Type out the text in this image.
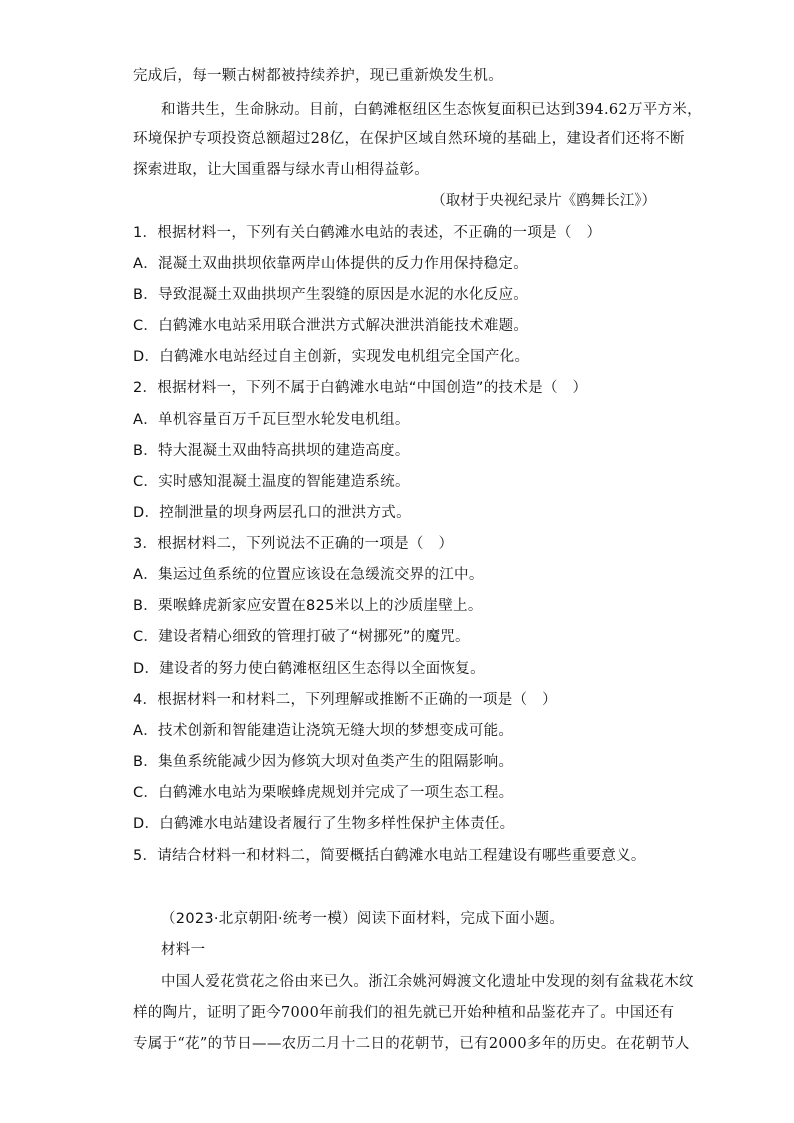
完成后，每一颗古树都被持续养护，现已重新焕发生机。
和谐共生，生命脉动。目前，白鹤滩枢纽区生态恢复面积已达到394.62万平方米，
环境保护专项投资总额超过28亿，在保护区域自然环境的基础上，建设者们还将不断
探索进取，让大国重器与绿水青山相得益彰。
（取材于央视纪录片《鸥舞长江》）
1．根据材料一，下列有关白鹤滩水电站的表述，不正确的一项是（　）
A．混凝土双曲拱坝依靠两岸山体提供的反力作用保持稳定。
B．导致混凝土双曲拱坝产生裂缝的原因是水泥的水化反应。
C．白鹤滩水电站采用联合泄洪方式解决泄洪消能技术难题。
D．白鹤滩水电站经过自主创新，实现发电机组完全国产化。
2．根据材料一，下列不属于白鹤滩水电站“中国创造”的技术是（　）
A．单机容量百万千瓦巨型水轮发电机组。
B．特大混凝土双曲特高拱坝的建造高度。
C．实时感知混凝土温度的智能建造系统。
D．控制泄量的坝身两层孔口的泄洪方式。
3．根据材料二，下列说法不正确的一项是（　）
A．集运过鱼系统的位置应该设在急缓流交界的江中。
B．栗喉蜂虎新家应安置在825米以上的沙质崖壁上。
C．建设者精心细致的管理打破了“树挪死”的魔咒。
D．建设者的努力使白鹤滩枢纽区生态得以全面恢复。
4．根据材料一和材料二，下列理解或推断不正确的一项是（　）
A．技术创新和智能建造让浇筑无缝大坝的梦想变成可能。
B．集鱼系统能减少因为修筑大坝对鱼类产生的阻隔影响。
C．白鹤滩水电站为栗喉蜂虎规划并完成了一项生态工程。
D．白鹤滩水电站建设者履行了生物多样性保护主体责任。
5．请结合材料一和材料二，简要概括白鹤滩水电站工程建设有哪些重要意义。
（2023·北京朝阳·统考一模）阅读下面材料，完成下面小题。
材料一
中国人爱花赏花之俗由来已久。浙江余姚河姆渡文化遗址中发现的刻有盆栽花木纹
样的陶片，证明了距今7000年前我们的祖先就已开始种植和品鉴花卉了。中国还有
专属于“花”的节日——农历二月十二日的花朝节，已有2000多年的历史。在花朝节人
